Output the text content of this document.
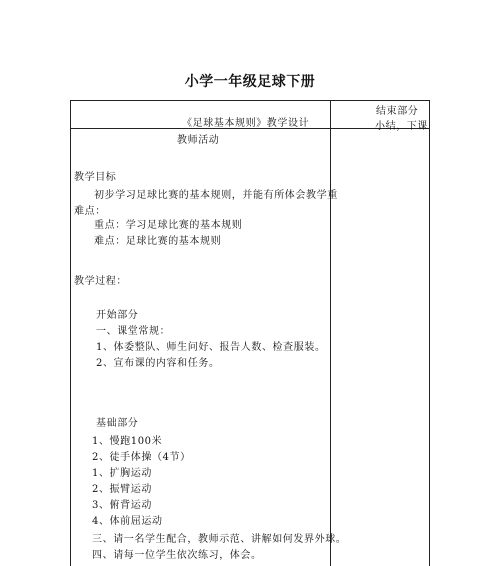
小学一年级足球下册
结束部分
小结，下课
《足球基本规则》教学设计
教师活动
教学目标
初步学习足球比赛的基本规则，并能有所体会教学重
难点：
重点：学习足球比赛的基本规则
难点：足球比赛的基本规则
教学过程：
开始部分
一、课堂常规：
1、体委整队、师生问好、报告人数、检查服装。
2、宣布课的内容和任务。
基础部分
1、慢跑100米
2、徒手体操（4节）
1、扩胸运动
2、振臂运动
3、俯背运动
4、体前屈运动
三、请一名学生配合，教师示范、讲解如何发界外球。
四、请每一位学生依次练习，体会。
